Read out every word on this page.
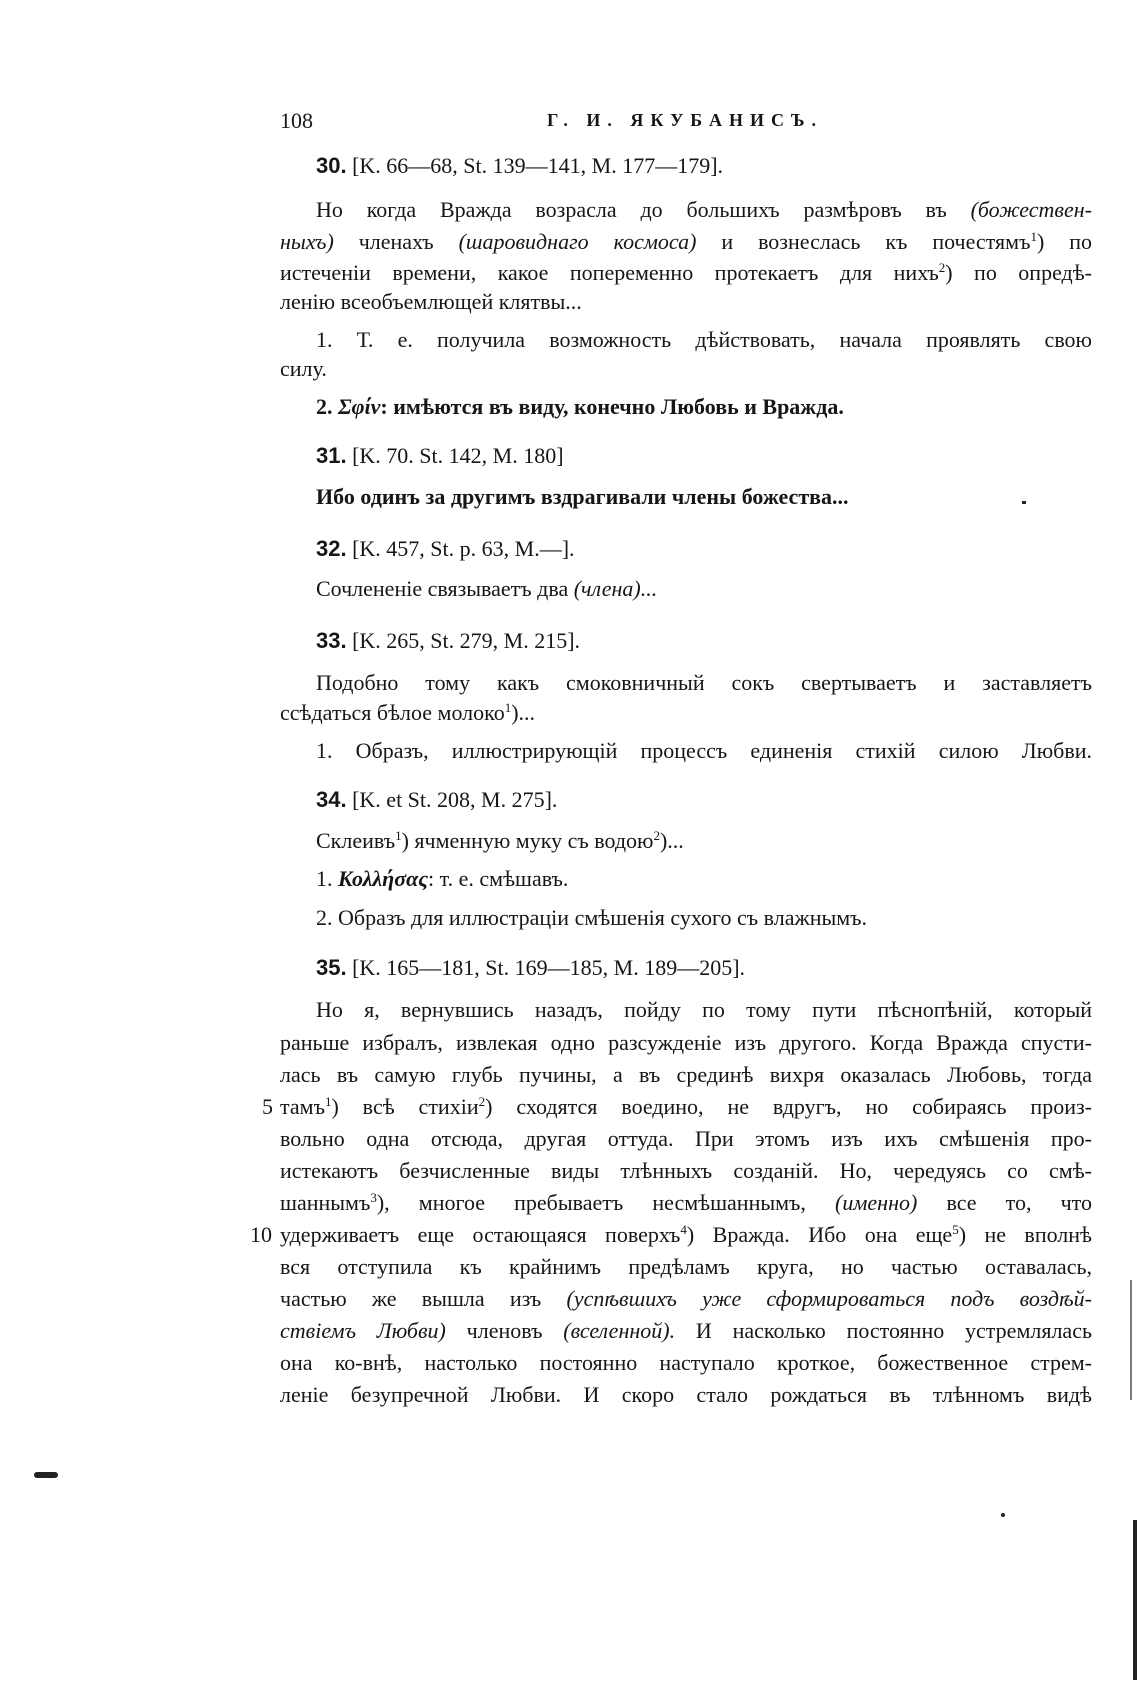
108	Г. И. ЯКУБАНИСЪ.
30. [K. 66—68, St. 139—141, M. 177—179].
Но когда Вражда возрасла до большихъ размѣровъ въ (божествен-
ныхъ) членахъ (шаровиднаго космоса) и вознеслась къ почестямъ$^1$) по
истеченіи времени, какое попеременно протекаетъ для нихъ$^2$) по опредѣ-
ленію всеобъемлющей клятвы...
1. Т. е. получила возможность дѣйствовать, начала проявлять свою
силу.
2. Σφίν: имѣются въ виду, конечно Любовь и Вражда.
31. [K. 70. St. 142, M. 180]
Ибо одинъ за другимъ вздрагивали члены божества...
32. [K. 457, St. p. 63, M.—].
Сочлененіе связываетъ два (члена)...
33. [K. 265, St. 279, M. 215].
Подобно тому какъ смоковничный сокъ свертываетъ и заставляетъ
ссѣдаться бѣлое молоко$^1$)...
1. Образъ, иллюстрирующій процессъ единенія стихій силою Любви.
34. [K. et St. 208, M. 275].
Склеивъ$^1$) ячменную муку съ водою$^2$)...
1. Κολλήσας: т. е. смѣшавъ.
2. Образъ для иллюстраціи смѣшенія сухого съ влажнымъ.
35. [K. 165—181, St. 169—185, M. 189—205].
Но я, вернувшись назадъ, пойду по тому пути пѣснопѣній, который
раньше избралъ, извлекая одно разсужденіе изъ другого. Когда Вражда спусти-
лась въ самую глубь пучины, а въ срединѣ вихря оказалась Любовь, тогда
5 тамъ$^1$) всѣ стихіи$^2$) сходятся воедино, не вдругъ, но собираясь произ-
вольно одна отсюда, другая оттуда. При этомъ изъ ихъ смѣшенія про-
истекаютъ безчисленные виды тлѣнныхъ созданій. Но, чередуясь со смѣ-
шаннымъ$^3$), многое пребываетъ несмѣшаннымъ, (именно) все то, что
10 удерживаетъ еще остающаяся поверхъ$^4$) Вражда. Ибо она еще$^5$) не вполнѣ
вся отступила къ крайнимъ предѣламъ круга, но частью оставалась,
частью же вышла изъ (успѣвшихъ уже сформироваться подъ воздѣй-
ствіемъ Любви) членовъ (вселенной). И насколько постоянно устремлялась
она ко-внѣ, настолько постоянно наступало кроткое, божественное стрем-
леніе безупречной Любви. И скоро стало рождаться въ тлѣнномъ видѣ
